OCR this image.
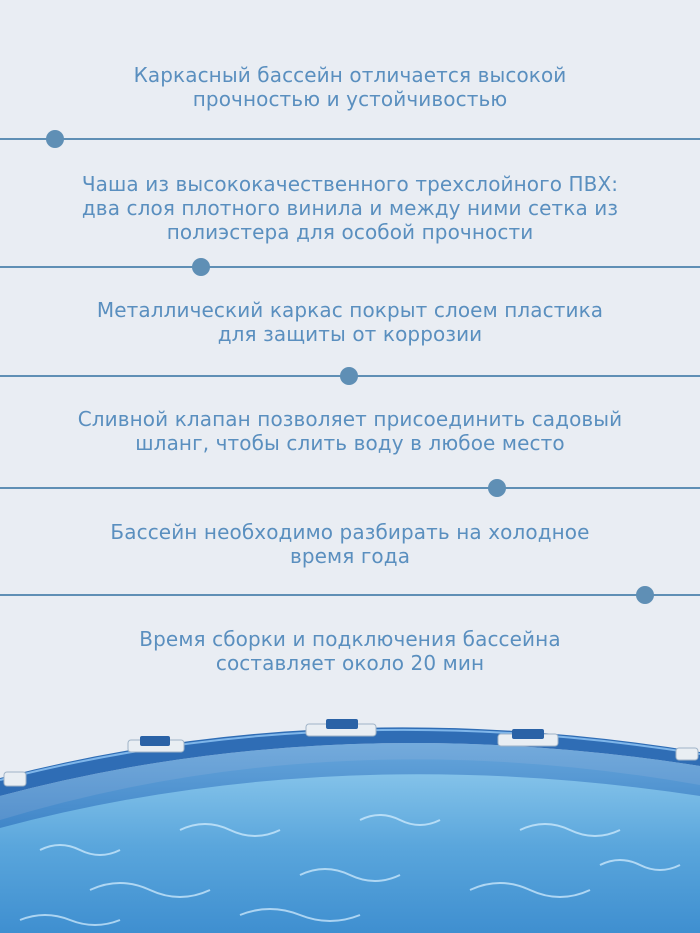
Каркасный бассейн отличается высокой
прочностью и устойчивостью
Чаша из высококачественного трехслойного ПВХ:
два слоя плотного винила и между ними сетка из
полиэстера для особой прочности
Металлический каркас покрыт слоем пластика
для защиты от коррозии
Сливной клапан позволяет присоединить садовый
шланг, чтобы слить воду в любое место
Бассейн необходимо разбирать на холодное
время года
Время сборки и подключения бассейна
составляет около 20 мин
